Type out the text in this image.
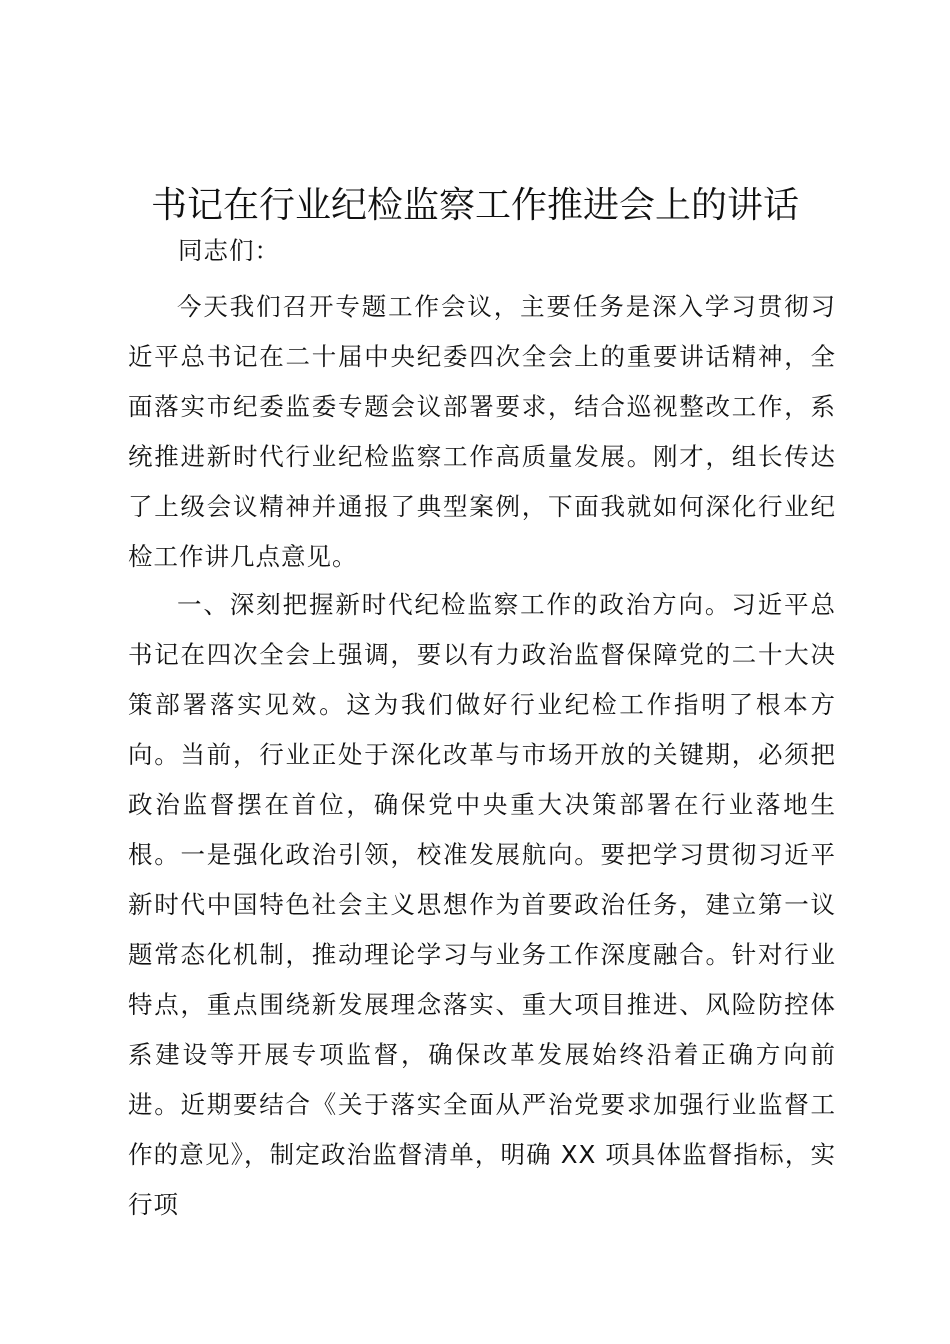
书记在行业纪检监察工作推进会上的讲话

同志们：

今天我们召开专题工作会议，主要任务是深入学习贯彻习近平总书记在二十届中央纪委四次全会上的重要讲话精神，全面落实市纪委监委专题会议部署要求，结合巡视整改工作，系统推进新时代行业纪检监察工作高质量发展。刚才，组长传达了上级会议精神并通报了典型案例，下面我就如何深化行业纪检工作讲几点意见。

一、深刻把握新时代纪检监察工作的政治方向。习近平总书记在四次全会上强调，要以有力政治监督保障党的二十大决策部署落实见效。这为我们做好行业纪检工作指明了根本方向。当前，行业正处于深化改革与市场开放的关键期，必须把政治监督摆在首位，确保党中央重大决策部署在行业落地生根。一是强化政治引领，校准发展航向。要把学习贯彻习近平新时代中国特色社会主义思想作为首要政治任务，建立第一议题常态化机制，推动理论学习与业务工作深度融合。针对行业特点，重点围绕新发展理念落实、重大项目推进、风险防控体系建设等开展专项监督，确保改革发展始终沿着正确方向前进。近期要结合《关于落实全面从严治党要求加强行业监督工作的意见》，制定政治监督清单，明确 XX 项具体监督指标，实行项
